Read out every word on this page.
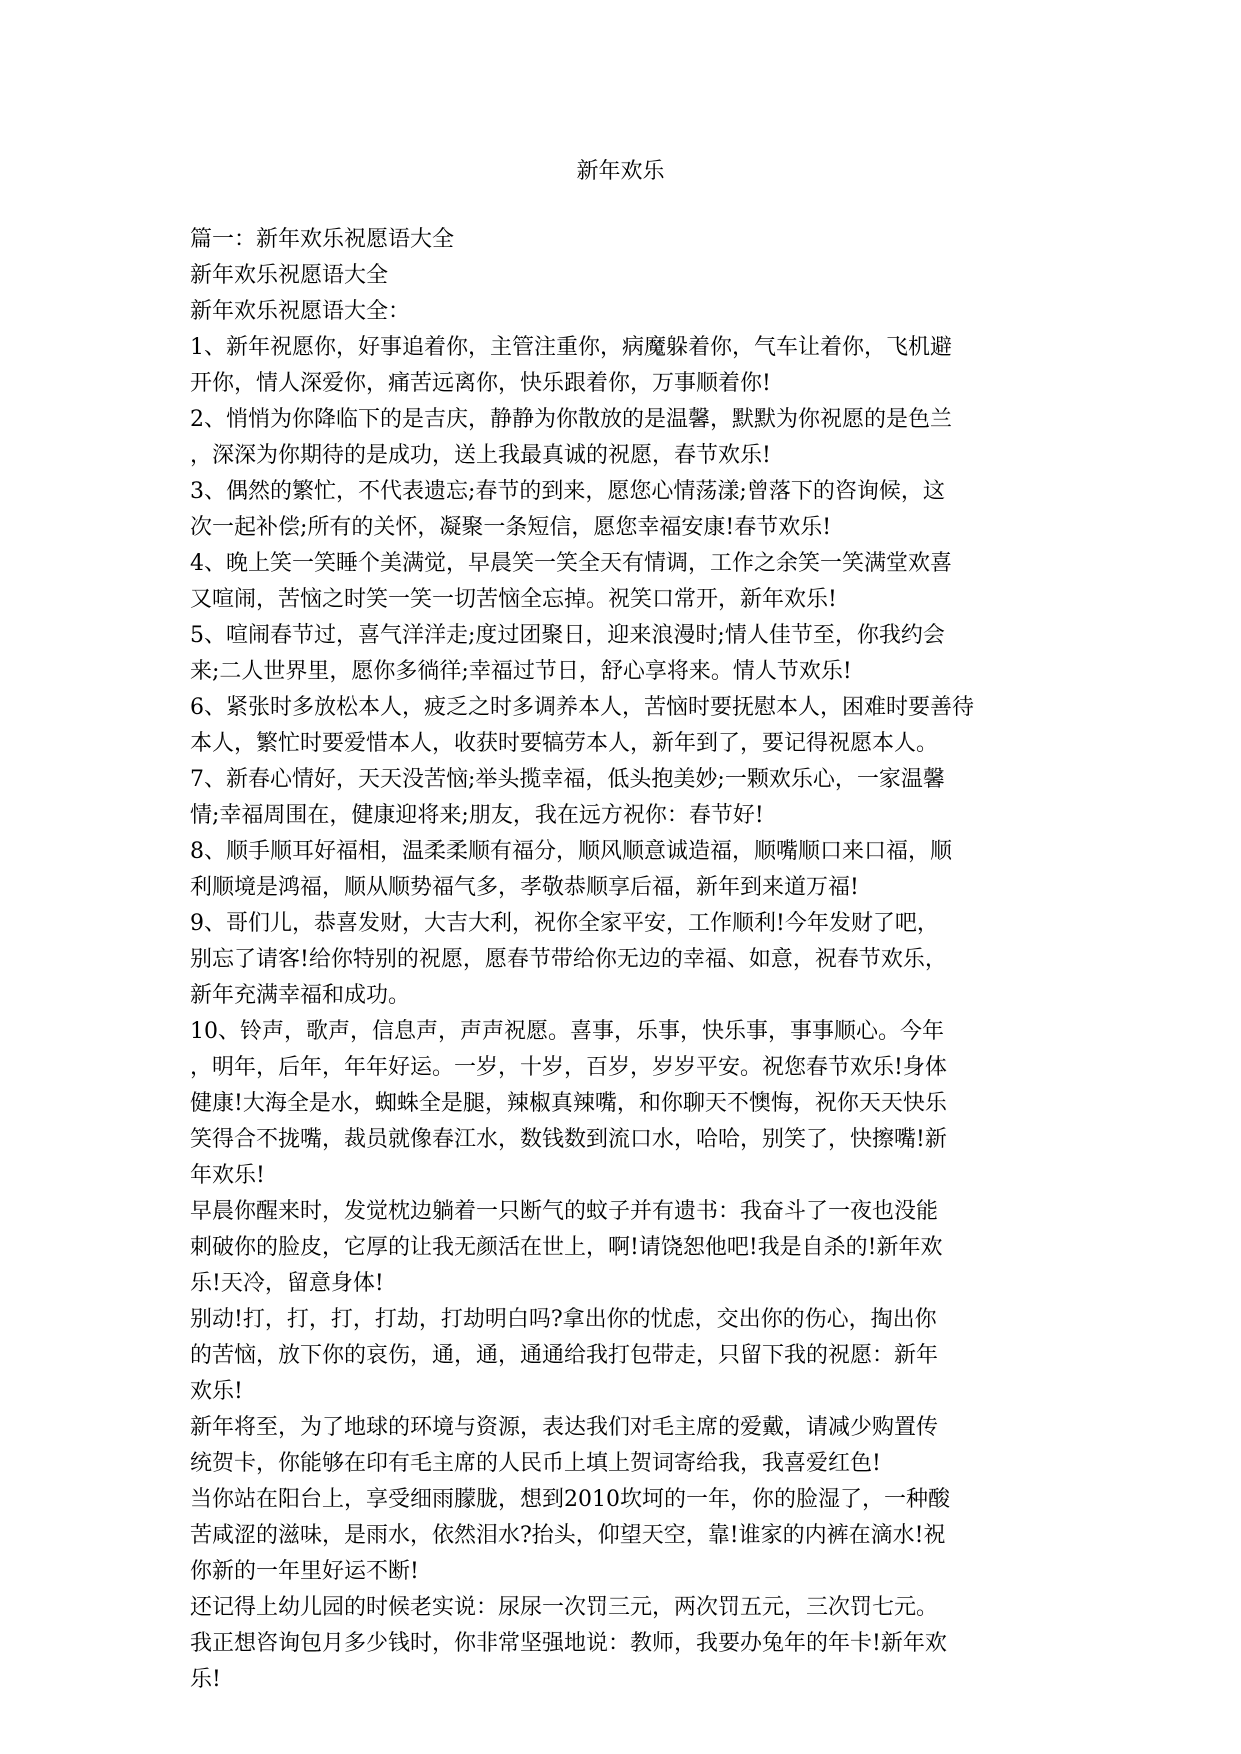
新年欢乐
篇一：新年欢乐祝愿语大全
新年欢乐祝愿语大全
新年欢乐祝愿语大全：
1、新年祝愿你，好事追着你，主管注重你，病魔躲着你，气车让着你，飞机避
开你，情人深爱你，痛苦远离你，快乐跟着你，万事顺着你!
2、悄悄为你降临下的是吉庆，静静为你散放的是温馨，默默为你祝愿的是色兰
，深深为你期待的是成功，送上我最真诚的祝愿，春节欢乐!
3、偶然的繁忙，不代表遗忘;春节的到来，愿您心情荡漾;曾落下的咨询候，这
次一起补偿;所有的关怀，凝聚一条短信，愿您幸福安康!春节欢乐!
4、晚上笑一笑睡个美满觉，早晨笑一笑全天有情调，工作之余笑一笑满堂欢喜
又喧闹，苦恼之时笑一笑一切苦恼全忘掉。祝笑口常开，新年欢乐!
5、喧闹春节过，喜气洋洋走;度过团聚日，迎来浪漫时;情人佳节至，你我约会
来;二人世界里，愿你多徜徉;幸福过节日，舒心享将来。情人节欢乐!
6、紧张时多放松本人，疲乏之时多调养本人，苦恼时要抚慰本人，困难时要善待
本人，繁忙时要爱惜本人，收获时要犒劳本人，新年到了，要记得祝愿本人。
7、新春心情好，天天没苦恼;举头揽幸福，低头抱美妙;一颗欢乐心，一家温馨
情;幸福周围在，健康迎将来;朋友，我在远方祝你：春节好!
8、顺手顺耳好福相，温柔柔顺有福分，顺风顺意诚造福，顺嘴顺口来口福，顺
利顺境是鸿福，顺从顺势福气多，孝敬恭顺享后福，新年到来道万福!
9、哥们儿，恭喜发财，大吉大利，祝你全家平安，工作顺利!今年发财了吧，
别忘了请客!给你特别的祝愿，愿春节带给你无边的幸福、如意，祝春节欢乐，
新年充满幸福和成功。
10、铃声，歌声，信息声，声声祝愿。喜事，乐事，快乐事，事事顺心。今年
，明年，后年，年年好运。一岁，十岁，百岁，岁岁平安。祝您春节欢乐!身体
健康!大海全是水，蜘蛛全是腿，辣椒真辣嘴，和你聊天不懊悔，祝你天天快乐
笑得合不拢嘴，裁员就像春江水，数钱数到流口水，哈哈，别笑了，快擦嘴!新
年欢乐!
早晨你醒来时，发觉枕边躺着一只断气的蚊子并有遗书：我奋斗了一夜也没能
刺破你的脸皮，它厚的让我无颜活在世上，啊!请饶恕他吧!我是自杀的!新年欢
乐!天冷，留意身体!
别动!打，打，打，打劫，打劫明白吗?拿出你的忧虑，交出你的伤心，掏出你
的苦恼，放下你的哀伤，通，通，通通给我打包带走，只留下我的祝愿：新年
欢乐!
新年将至，为了地球的环境与资源，表达我们对毛主席的爱戴，请减少购置传
统贺卡，你能够在印有毛主席的人民币上填上贺词寄给我，我喜爱红色!
当你站在阳台上，享受细雨朦胧，想到2010坎坷的一年，你的脸湿了，一种酸
苦咸涩的滋味，是雨水，依然泪水?抬头，仰望天空，靠!谁家的内裤在滴水!祝
你新的一年里好运不断!
还记得上幼儿园的时候老实说：尿尿一次罚三元，两次罚五元，三次罚七元。
我正想咨询包月多少钱时，你非常坚强地说：教师，我要办兔年的年卡!新年欢
乐!
